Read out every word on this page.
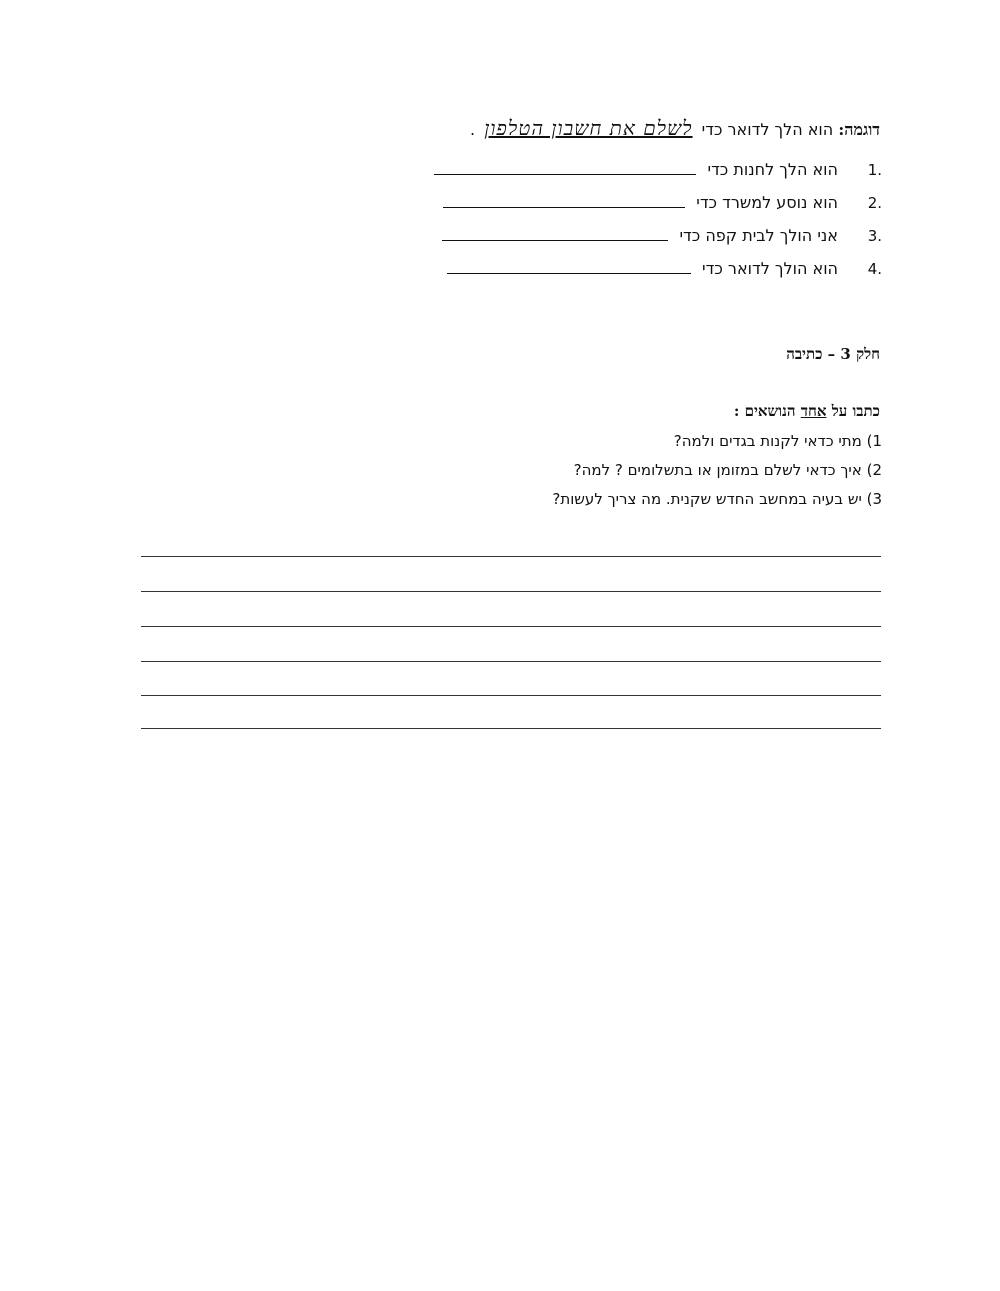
דוגמה: הוא הלך לדואר כדי לשלם את חשבון הטלפון .
1.
הוא הלך לחנות כדי
2.
הוא נוסע למשרד כדי
3.
אני הולך לבית קפה כדי
4.
הוא הולך לדואר כדי
חלק 3 – כתיבה
כתבו על אחד הנושאים :
1) מתי כדאי לקנות בגדים ולמה?
2) איך כדאי לשלם במזומן או בתשלומים ? למה?
3) יש בעיה במחשב החדש שקנית. מה צריך לעשות?
